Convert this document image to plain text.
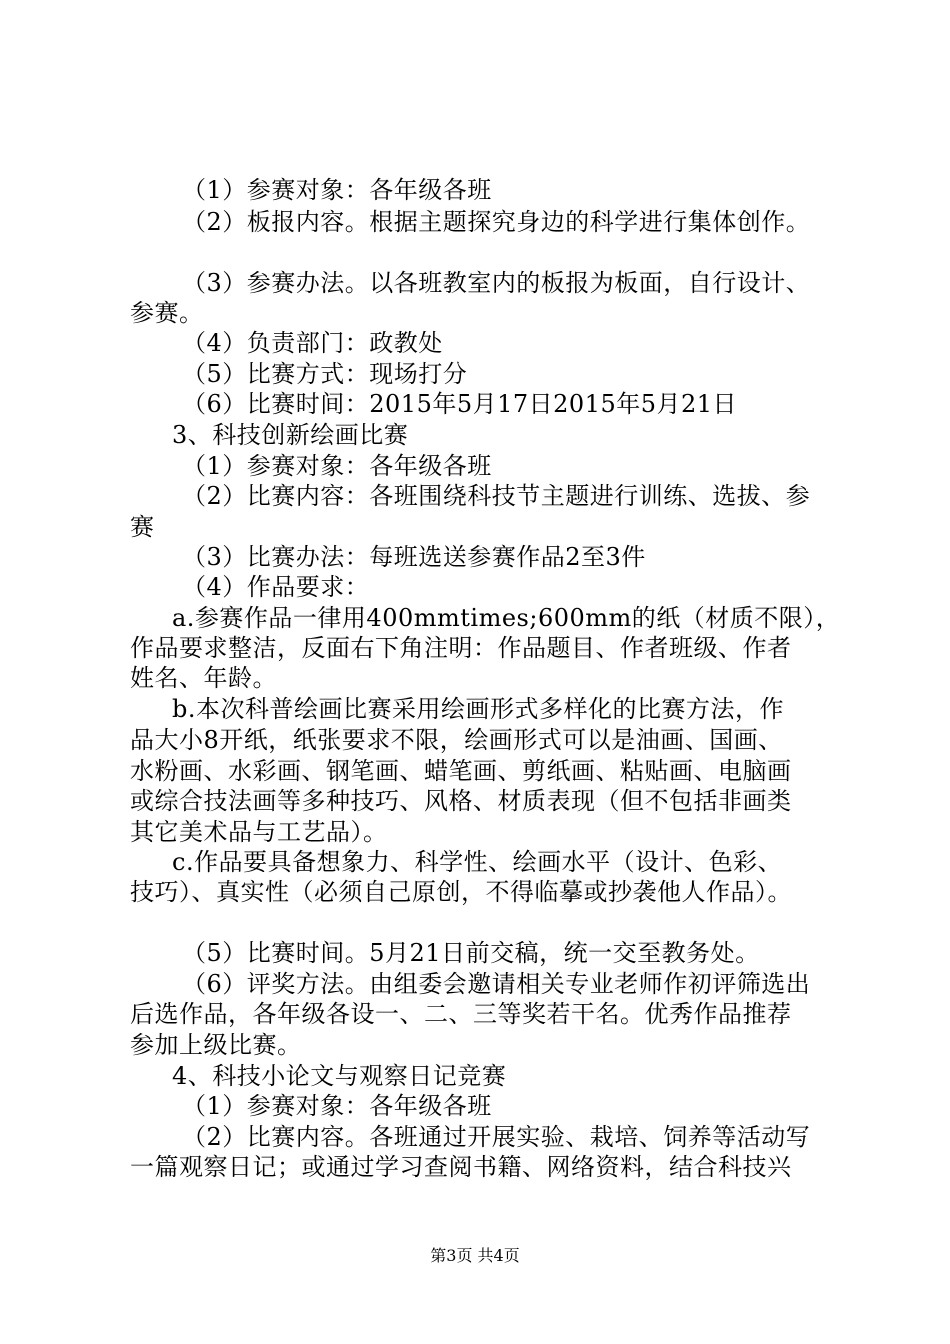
（1）参赛对象：各年级各班
（2）板报内容。根据主题探究身边的科学进行集体创作。
（3）参赛办法。以各班教室内的板报为板面，自行设计、
参赛。
（4）负责部门：政教处
（5）比赛方式：现场打分
（6）比赛时间：2015年5月17日2015年5月21日
3、科技创新绘画比赛
（1）参赛对象：各年级各班
（2）比赛内容：各班围绕科技节主题进行训练、选拔、参
赛
（3）比赛办法：每班选送参赛作品2至3件
（4）作品要求：
a.参赛作品一律用400mmtimes;600mm的纸（材质不限），
作品要求整洁，反面右下角注明：作品题目、作者班级、作者
姓名、年龄。
b.本次科普绘画比赛采用绘画形式多样化的比赛方法，作
品大小8开纸，纸张要求不限，绘画形式可以是油画、国画、
水粉画、水彩画、钢笔画、蜡笔画、剪纸画、粘贴画、电脑画
或综合技法画等多种技巧、风格、材质表现（但不包括非画类
其它美术品与工艺品）。
c.作品要具备想象力、科学性、绘画水平（设计、色彩、
技巧）、真实性（必须自己原创，不得临摹或抄袭他人作品）。
（5）比赛时间。5月21日前交稿，统一交至教务处。
（6）评奖方法。由组委会邀请相关专业老师作初评筛选出
后选作品，各年级各设一、二、三等奖若干名。优秀作品推荐
参加上级比赛。
4、科技小论文与观察日记竞赛
（1）参赛对象：各年级各班
（2）比赛内容。各班通过开展实验、栽培、饲养等活动写
一篇观察日记；或通过学习查阅书籍、网络资料，结合科技兴
第3页 共4页
